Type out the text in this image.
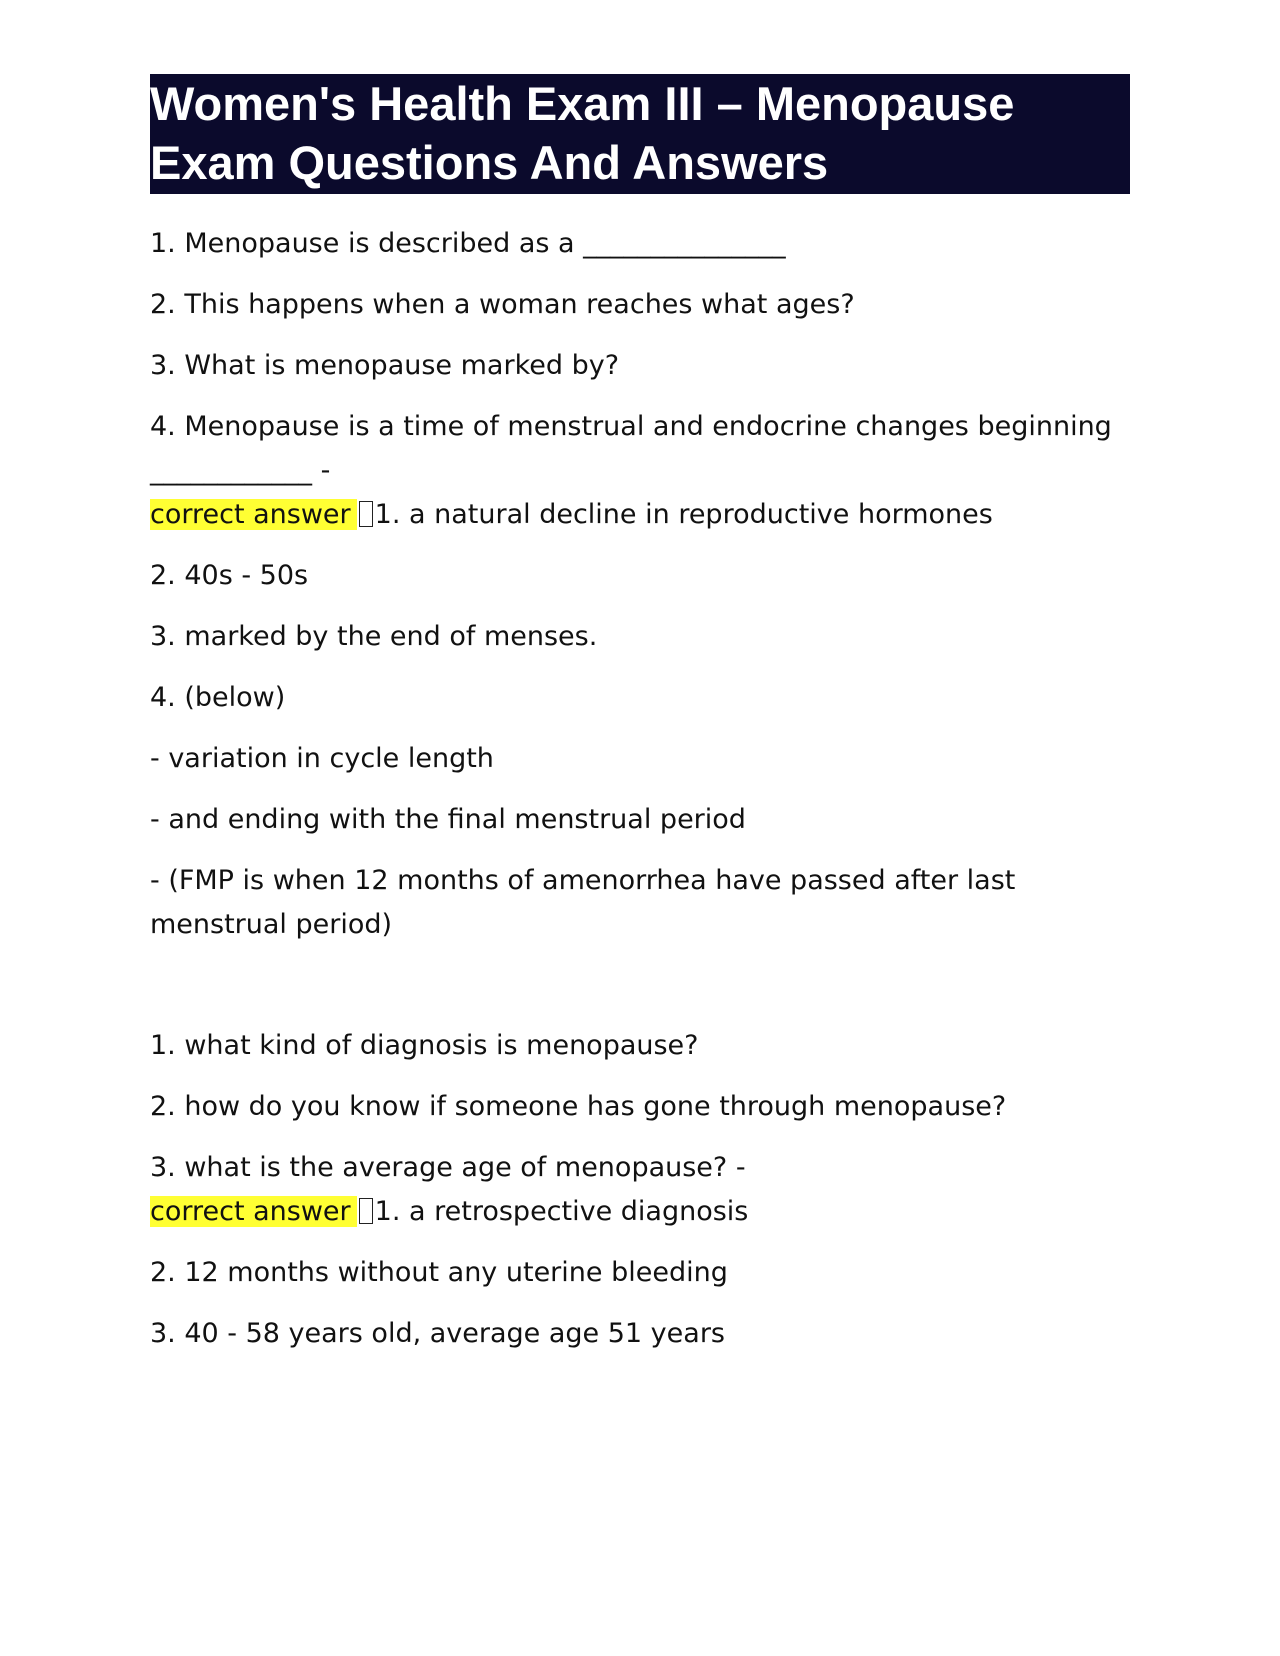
Women's Health Exam III – Menopause Exam Questions And Answers
1. Menopause is described as a _______________
2. This happens when a woman reaches what ages?
3. What is menopause marked by?
4. Menopause is a time of menstrual and endocrine changes beginning ____________ -
correct answer 1. a natural decline in reproductive hormones
2. 40s - 50s
3. marked by the end of menses.
4. (below)
- variation in cycle length
- and ending with the final menstrual period
- (FMP is when 12 months of amenorrhea have passed after last menstrual period)
1. what kind of diagnosis is menopause?
2. how do you know if someone has gone through menopause?
3. what is the average age of menopause? -
correct answer 1. a retrospective diagnosis
2. 12 months without any uterine bleeding
3. 40 - 58 years old, average age 51 years
